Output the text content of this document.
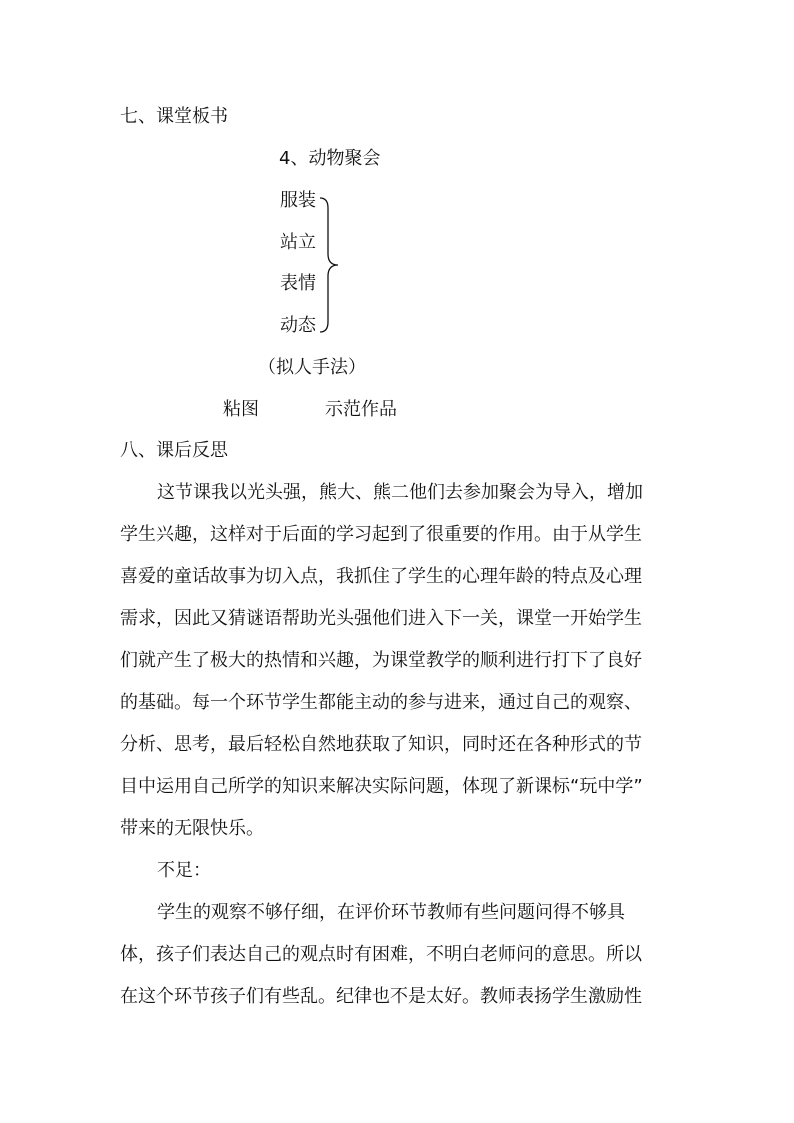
七、课堂板书
4、动物聚会
服装
站立
表情
动态
（拟人手法）
粘图	示范作品
八、课后反思
这节课我以光头强，熊大、熊二他们去参加聚会为导入，增加
学生兴趣，这样对于后面的学习起到了很重要的作用。由于从学生
喜爱的童话故事为切入点，我抓住了学生的心理年龄的特点及心理
需求，因此又猜谜语帮助光头强他们进入下一关，课堂一开始学生
们就产生了极大的热情和兴趣，为课堂教学的顺利进行打下了良好
的基础。每一个环节学生都能主动的参与进来，通过自己的观察、
分析、思考，最后轻松自然地获取了知识，同时还在各种形式的节
目中运用自己所学的知识来解决实际问题，体现了新课标“玩中学”
带来的无限快乐。
不足：
学生的观察不够仔细，在评价环节教师有些问题问得不够具
体，孩子们表达自己的观点时有困难，不明白老师问的意思。所以
在这个环节孩子们有些乱。纪律也不是太好。教师表扬学生激励性
